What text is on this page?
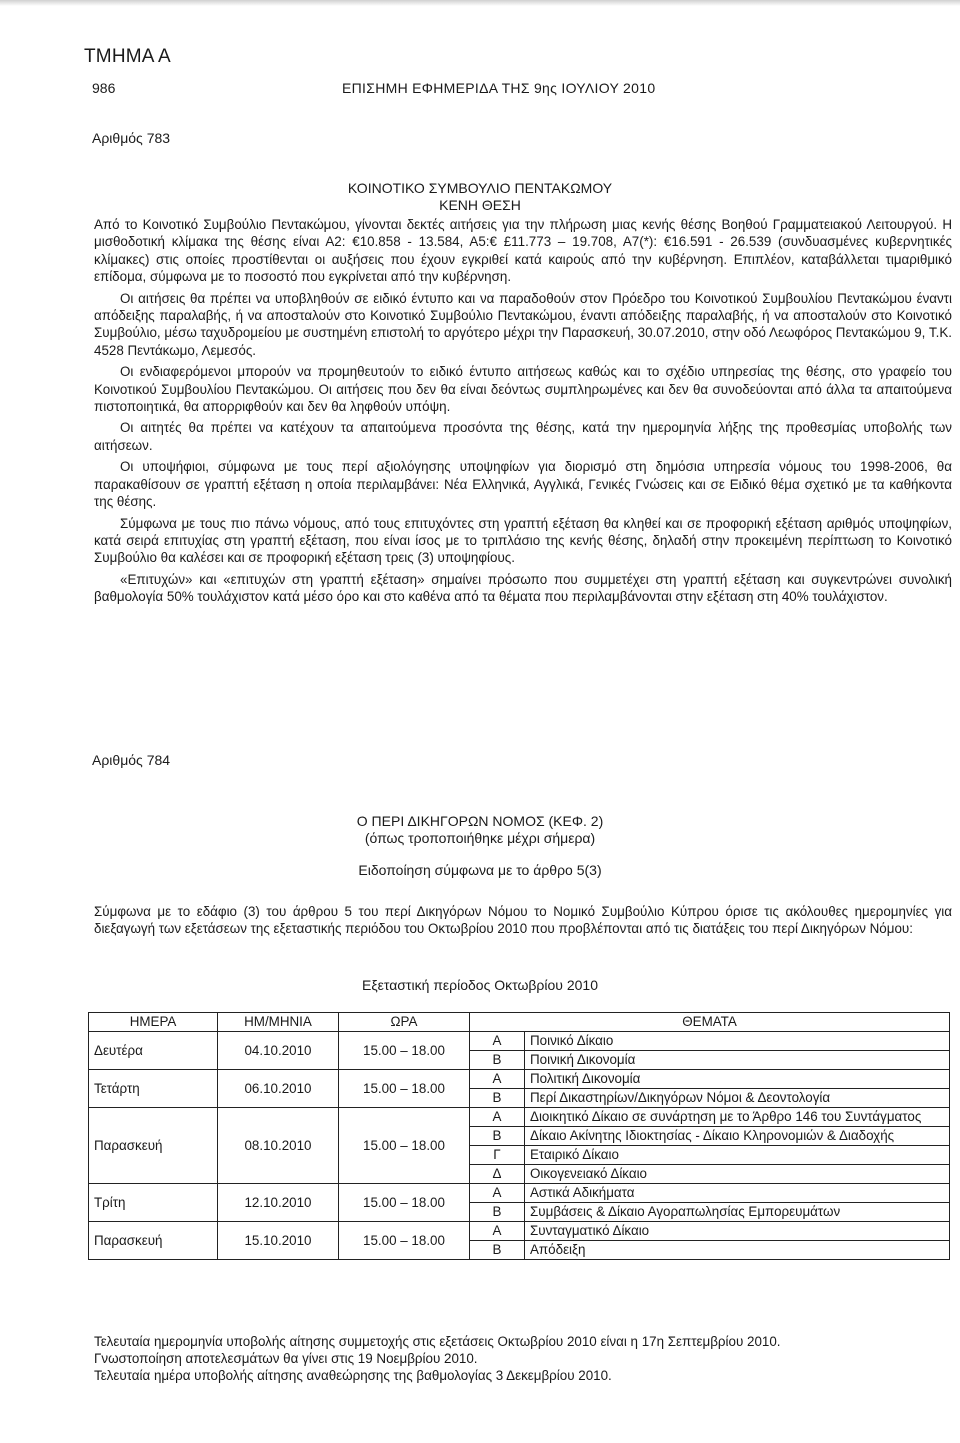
ΤΜΗΜΑ Α
986	ΕΠΙΣΗΜΗ ΕΦΗΜΕΡΙΔΑ ΤΗΣ 9ης ΙΟΥΛΙΟΥ 2010
Αριθμός 783
ΚΟΙΝΟΤΙΚΟ ΣΥΜΒΟΥΛΙΟ ΠΕΝΤΑΚΩΜΟΥ
ΚΕΝΗ ΘΕΣΗ

Από το Κοινοτικό Συμβούλιο Πεντακώμου, γίνονται δεκτές αιτήσεις για την πλήρωση μιας κενής θέσης Βοηθού Γραμματειακού Λειτουργού. Η μισθοδοτική κλίμακα της θέσης είναι Α2: €10.858 - 13.584, Α5:€ £11.773 – 19.708, Α7(*): €16.591 - 26.539 (συνδυασμένες κυβερνητικές κλίμακες) στις οποίες προστίθενται οι αυξήσεις που έχουν εγκριθεί κατά καιρούς από την κυβέρνηση. Επιπλέον, καταβάλλεται τιμαριθμικό επίδομα, σύμφωνα με το ποσοστό που εγκρίνεται από την κυβέρνηση.

Οι αιτήσεις θα πρέπει να υποβληθούν σε ειδικό έντυπο και να παραδοθούν στον Πρόεδρο του Κοινοτικού Συμβουλίου Πεντακώμου έναντι απόδειξης παραλαβής, ή να αποσταλούν στο Κοινοτικό Συμβούλιο Πεντακώμου, έναντι απόδειξης παραλαβής, ή να αποσταλούν στο Κοινοτικό Συμβούλιο, μέσω ταχυδρομείου με συστημένη επιστολή το αργότερο μέχρι την Παρασκευή, 30.07.2010, στην οδό Λεωφόρος Πεντακώμου 9, Τ.Κ. 4528 Πεντάκωμο, Λεμεσός.

Οι ενδιαφερόμενοι μπορούν να προμηθευτούν το ειδικό έντυπο αιτήσεως καθώς και το σχέδιο υπηρεσίας της θέσης, στο γραφείο του Κοινοτικού Συμβουλίου Πεντακώμου. Οι αιτήσεις που δεν θα είναι δεόντως συμπληρωμένες και δεν θα συνοδεύονται από άλλα τα απαιτούμενα πιστοποιητικά, θα απορριφθούν και δεν θα ληφθούν υπόψη.

Οι αιτητές θα πρέπει να κατέχουν τα απαιτούμενα προσόντα της θέσης, κατά την ημερομηνία λήξης της προθεσμίας υποβολής των αιτήσεων.

Οι υποψήφιοι, σύμφωνα με τους περί αξιολόγησης υποψηφίων για διορισμό στη δημόσια υπηρεσία νόμους του 1998-2006, θα παρακαθίσουν σε γραπτή εξέταση η οποία περιλαμβάνει: Νέα Ελληνικά, Αγγλικά, Γενικές Γνώσεις και σε Ειδικό θέμα σχετικό με τα καθήκοντα της θέσης.

Σύμφωνα με τους πιο πάνω νόμους, από τους επιτυχόντες στη γραπτή εξέταση θα κληθεί και σε προφορική εξέταση αριθμός υποψηφίων, κατά σειρά επιτυχίας στη γραπτή εξέταση, που είναι ίσος με το τριπλάσιο της κενής θέσης, δηλαδή στην προκειμένη περίπτωση το Κοινοτικό Συμβούλιο θα καλέσει και σε προφορική εξέταση τρεις (3) υποψηφίους.

«Επιτυχών» και «επιτυχών στη γραπτή εξέταση» σημαίνει πρόσωπο που συμμετέχει στη γραπτή εξέταση και συγκεντρώνει συνολική βαθμολογία 50% τουλάχιστον κατά μέσο όρο και στο καθένα από τα θέματα που περιλαμβάνονται στην εξέταση στη 40% τουλάχιστον.

Αριθμός 784
Ο ΠΕΡΙ ΔΙΚΗΓΟΡΩΝ ΝΟΜΟΣ (ΚΕΦ. 2)
(όπως τροποποιήθηκε μέχρι σήμερα)
Ειδοποίηση σύμφωνα με το άρθρο 5(3)

Σύμφωνα με το εδάφιο (3) του άρθρου 5 του περί Δικηγόρων Νόμου το Νομικό Συμβούλιο Κύπρου όρισε τις ακόλουθες ημερομηνίες για διεξαγωγή των εξετάσεων της εξεταστικής περιόδου του Οκτωβρίου 2010 που προβλέπονται από τις διατάξεις του περί Δικηγόρων Νόμου:

Εξεταστική περίοδος Οκτωβρίου 2010
ΗΜΕΡΑ	ΗΜ/ΜΗΝΙΑ	ΩΡΑ	ΘΕΜΑΤΑ	
Δευτέρα	04.10.2010	15.00 – 18.00	Α	Ποινικό Δίκαιο
			Β	Ποινική Δικονομία
Τετάρτη	06.10.2010	15.00 – 18.00	Α	Πολιτική Δικονομία
			Β	Περί Δικαστηρίων/Δικηγόρων Νόμοι & Δεοντολογία
Παρασκευή	08.10.2010	15.00 – 18.00	Α	Διοικητικό Δίκαιο σε συνάρτηση με το Άρθρο 146 του Συντάγματος
			Β	Δίκαιο Ακίνητης Ιδιοκτησίας - Δίκαιο Κληρονομιών & Διαδοχής
			Γ	Εταιρικό Δίκαιο
			Δ	Οικογενειακό Δίκαιο
Τρίτη	12.10.2010	15.00 – 18.00	Α	Αστικά Αδικήματα
			Β	Συμβάσεις & Δίκαιο Αγοραπωλησίας Εμπορευμάτων
Παρασκευή	15.10.2010	15.00 – 18.00	Α	Συνταγματικό Δίκαιο
			Β	Απόδειξη

Τελευταία ημερομηνία υποβολής αίτησης συμμετοχής στις εξετάσεις Οκτωβρίου 2010 είναι η 17η Σεπτεμβρίου 2010.

Γνωστοποίηση αποτελεσμάτων θα γίνει στις 19 Νοεμβρίου 2010.

Τελευταία ημέρα υποβολής αίτησης αναθεώρησης της βαθμολογίας 3 Δεκεμβρίου 2010.
